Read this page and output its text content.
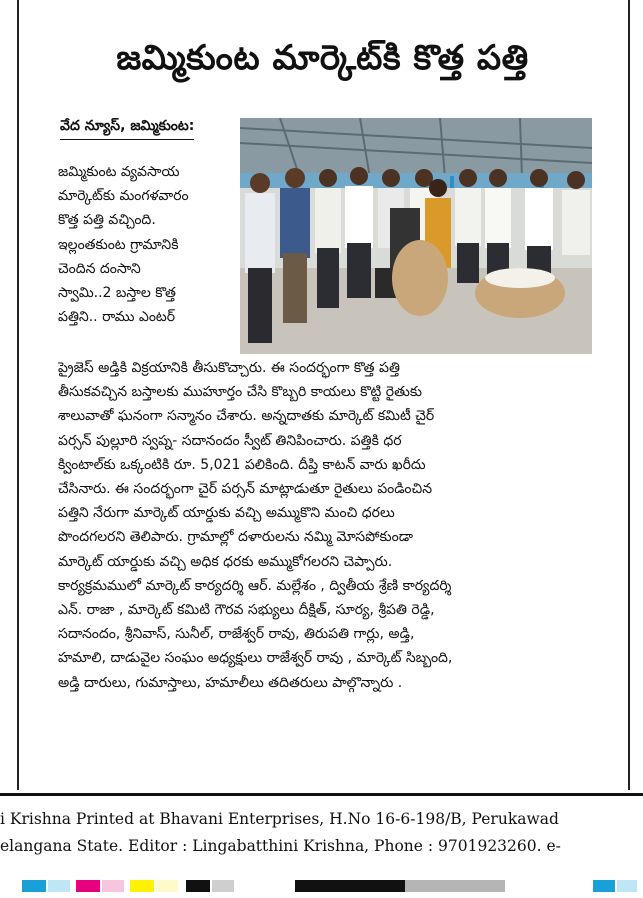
జమ్మికుంట మార్కెట్‌కి కొత్త పత్తి
వేద న్యూస్, జమ్మికుంట:
జమ్మికుంట వ్యవసాయ
మార్కెట్‌కు మంగళవారం
కొత్త పత్తి వచ్చింది.
ఇల్లంతకుంట గ్రామానికి
చెందిన దంసాని
స్వామి..2 బస్తాల కొత్త
పత్తిని.. రాము ఎంటర్
ప్రైజెస్ అడ్తికి విక్రయానికి తీసుకొచ్చారు. ఈ సందర్భంగా కొత్త పత్తి
తీసుకవచ్చిన బస్తాలకు ముహూర్తం చేసి కొబ్బరి కాయలు కొట్టి రైతుకు
శాలువాతో ఘనంగా సన్మానం చేశారు. అన్నదాతకు మార్కెట్ కమిటీ చైర్
పర్సన్ పుల్లూరి స్వప్న- సదానందం స్వీట్ తినిపించారు. పత్తికి ధర
క్వింటాల్‌కు ఒక్కంటికి రూ. 5,021 పలికింది. దీప్తి కాటన్ వారు ఖరీదు
చేసినారు. ఈ సందర్భంగా చైర్ పర్సన్ మాట్లాడుతూ రైతులు పండించిన
పత్తిని నేరుగా మార్కెట్ యార్డుకు వచ్చి అమ్ముకొని మంచి ధరలు
పొందగలరని తెలిపారు. గ్రామాల్లో దళారులను నమ్మి మోసపోకుండా
మార్కెట్ యార్డుకు వచ్చి అధిక ధరకు అమ్ముకోగలరని చెప్పారు.
కార్యక్రమములో మార్కెట్ కార్యదర్శి ఆర్. మల్లేశం , ద్వితీయ శ్రేణి కార్యదర్శి
ఎన్. రాజా , మార్కెట్ కమిటి గౌరవ సభ్యులు దీక్షిత్, సూర్య, శ్రీపతి రెడ్డి,
సదానందం, శ్రీనివాస్, సునీల్, రాజేశ్వర్ రావు, తిరుపతి గార్లు, అడ్తి,
హమాలి, దాడువైల సంఘం అధ్యక్షులు రాజేశ్వర్ రావు , మార్కెట్ సిబ్బంది,
అడ్తి దారులు, గుమాస్తాలు, హమాలీలు తదితరులు పాల్గొన్నారు .
i Krishna Printed at Bhavani Enterprises, H.No 16-6-198/B, Perukawad
elangana State. Editor : Lingabatthini Krishna, Phone : 9701923260. e-
